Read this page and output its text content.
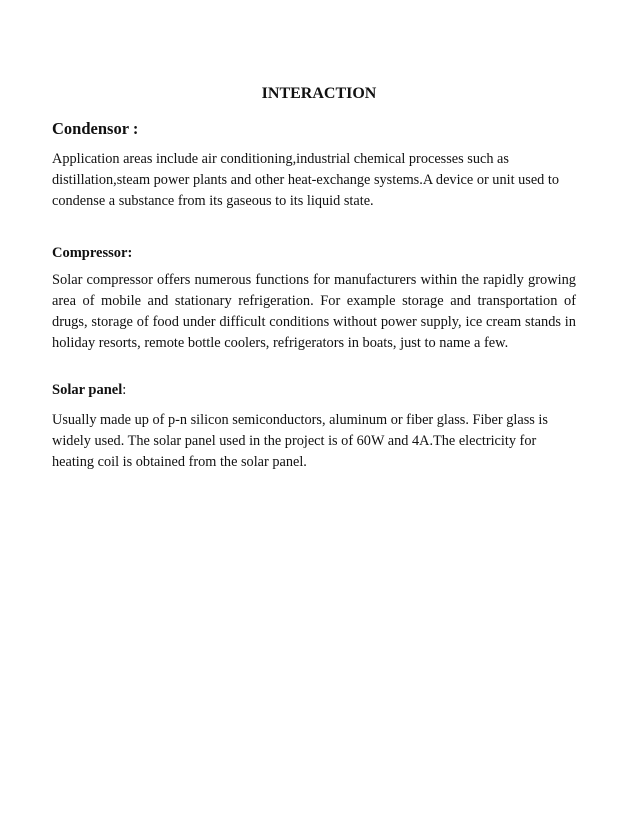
INTERACTION
Condensor :

Application areas include air conditioning,industrial chemical processes such as distillation,steam power plants and other heat-exchange systems.A device or unit used to condense a substance from its gaseous to its liquid state.

Compressor:

Solar compressor offers numerous functions for manufacturers within the rapidly growing area of mobile and stationary refrigeration. For example storage and transportation of drugs, storage of food under difficult conditions without power supply, ice cream stands in holiday resorts, remote bottle coolers, refrigerators in boats, just to name a few.

Solar panel:

Usually made up of p-n silicon semiconductors, aluminum or fiber glass. Fiber glass is widely used. The solar panel used in the project is of 60W and 4A.The electricity for heating coil is obtained from the solar panel.
